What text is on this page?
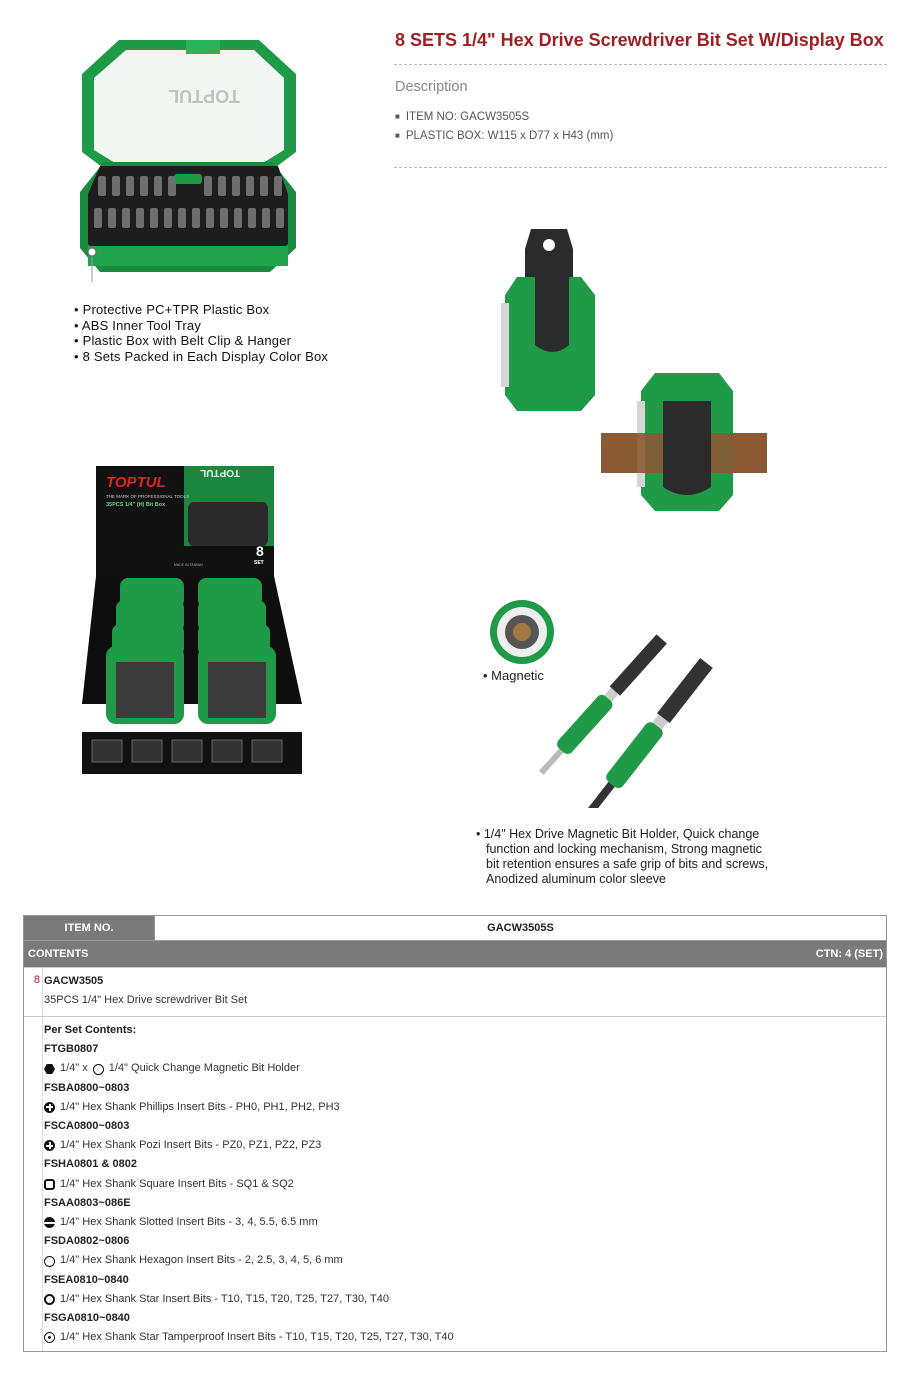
TOPTUL
• Protective PC+TPR Plastic Box
• ABS Inner Tool Tray
• Plastic Box with Belt Clip & Hanger
• 8 Sets Packed in Each Display Color Box
TOPTUL
TOPTUL
THE MARK OF PROFESSIONAL TOOLS
35PCS 1/4" (H) Bit Box
8
SET
MADE IN TAIWAN
8 SETS 1/4" Hex Drive Screwdriver Bit Set W/Display Box
Description
■ ITEM NO: GACW3505S
■ PLASTIC BOX: W115 x D77 x H43 (mm)
• Magnetic
• 1/4" Hex Drive Magnetic Bit Holder, Quick change
function and locking mechanism, Strong magnetic
bit retention ensures a safe grip of bits and screws,
Anodized aluminum color sleeve
ITEM NO.	GACW3505S
CONTENTS	CTN: 4 (SET)
8 GACW3505
35PCS 1/4" Hex Drive screwdriver Bit Set
Per Set Contents:
FTGB0807
1/4" x 1/4" Quick Change Magnetic Bit Holder
FSBA0800~0803
1/4" Hex Shank Phillips Insert Bits - PH0, PH1, PH2, PH3
FSCA0800~0803
1/4" Hex Shank Pozi Insert Bits - PZ0, PZ1, PZ2, PZ3
FSHA0801 & 0802
1/4" Hex Shank Square Insert Bits - SQ1 & SQ2
FSAA0803~086E
1/4" Hex Shank Slotted Insert Bits - 3, 4, 5.5, 6.5 mm
FSDA0802~0806
1/4" Hex Shank Hexagon Insert Bits - 2, 2.5, 3, 4, 5, 6 mm
FSEA0810~0840
1/4" Hex Shank Star Insert Bits - T10, T15, T20, T25, T27, T30, T40
FSGA0810~0840
1/4" Hex Shank Star Tamperproof Insert Bits - T10, T15, T20, T25, T27, T30, T40
